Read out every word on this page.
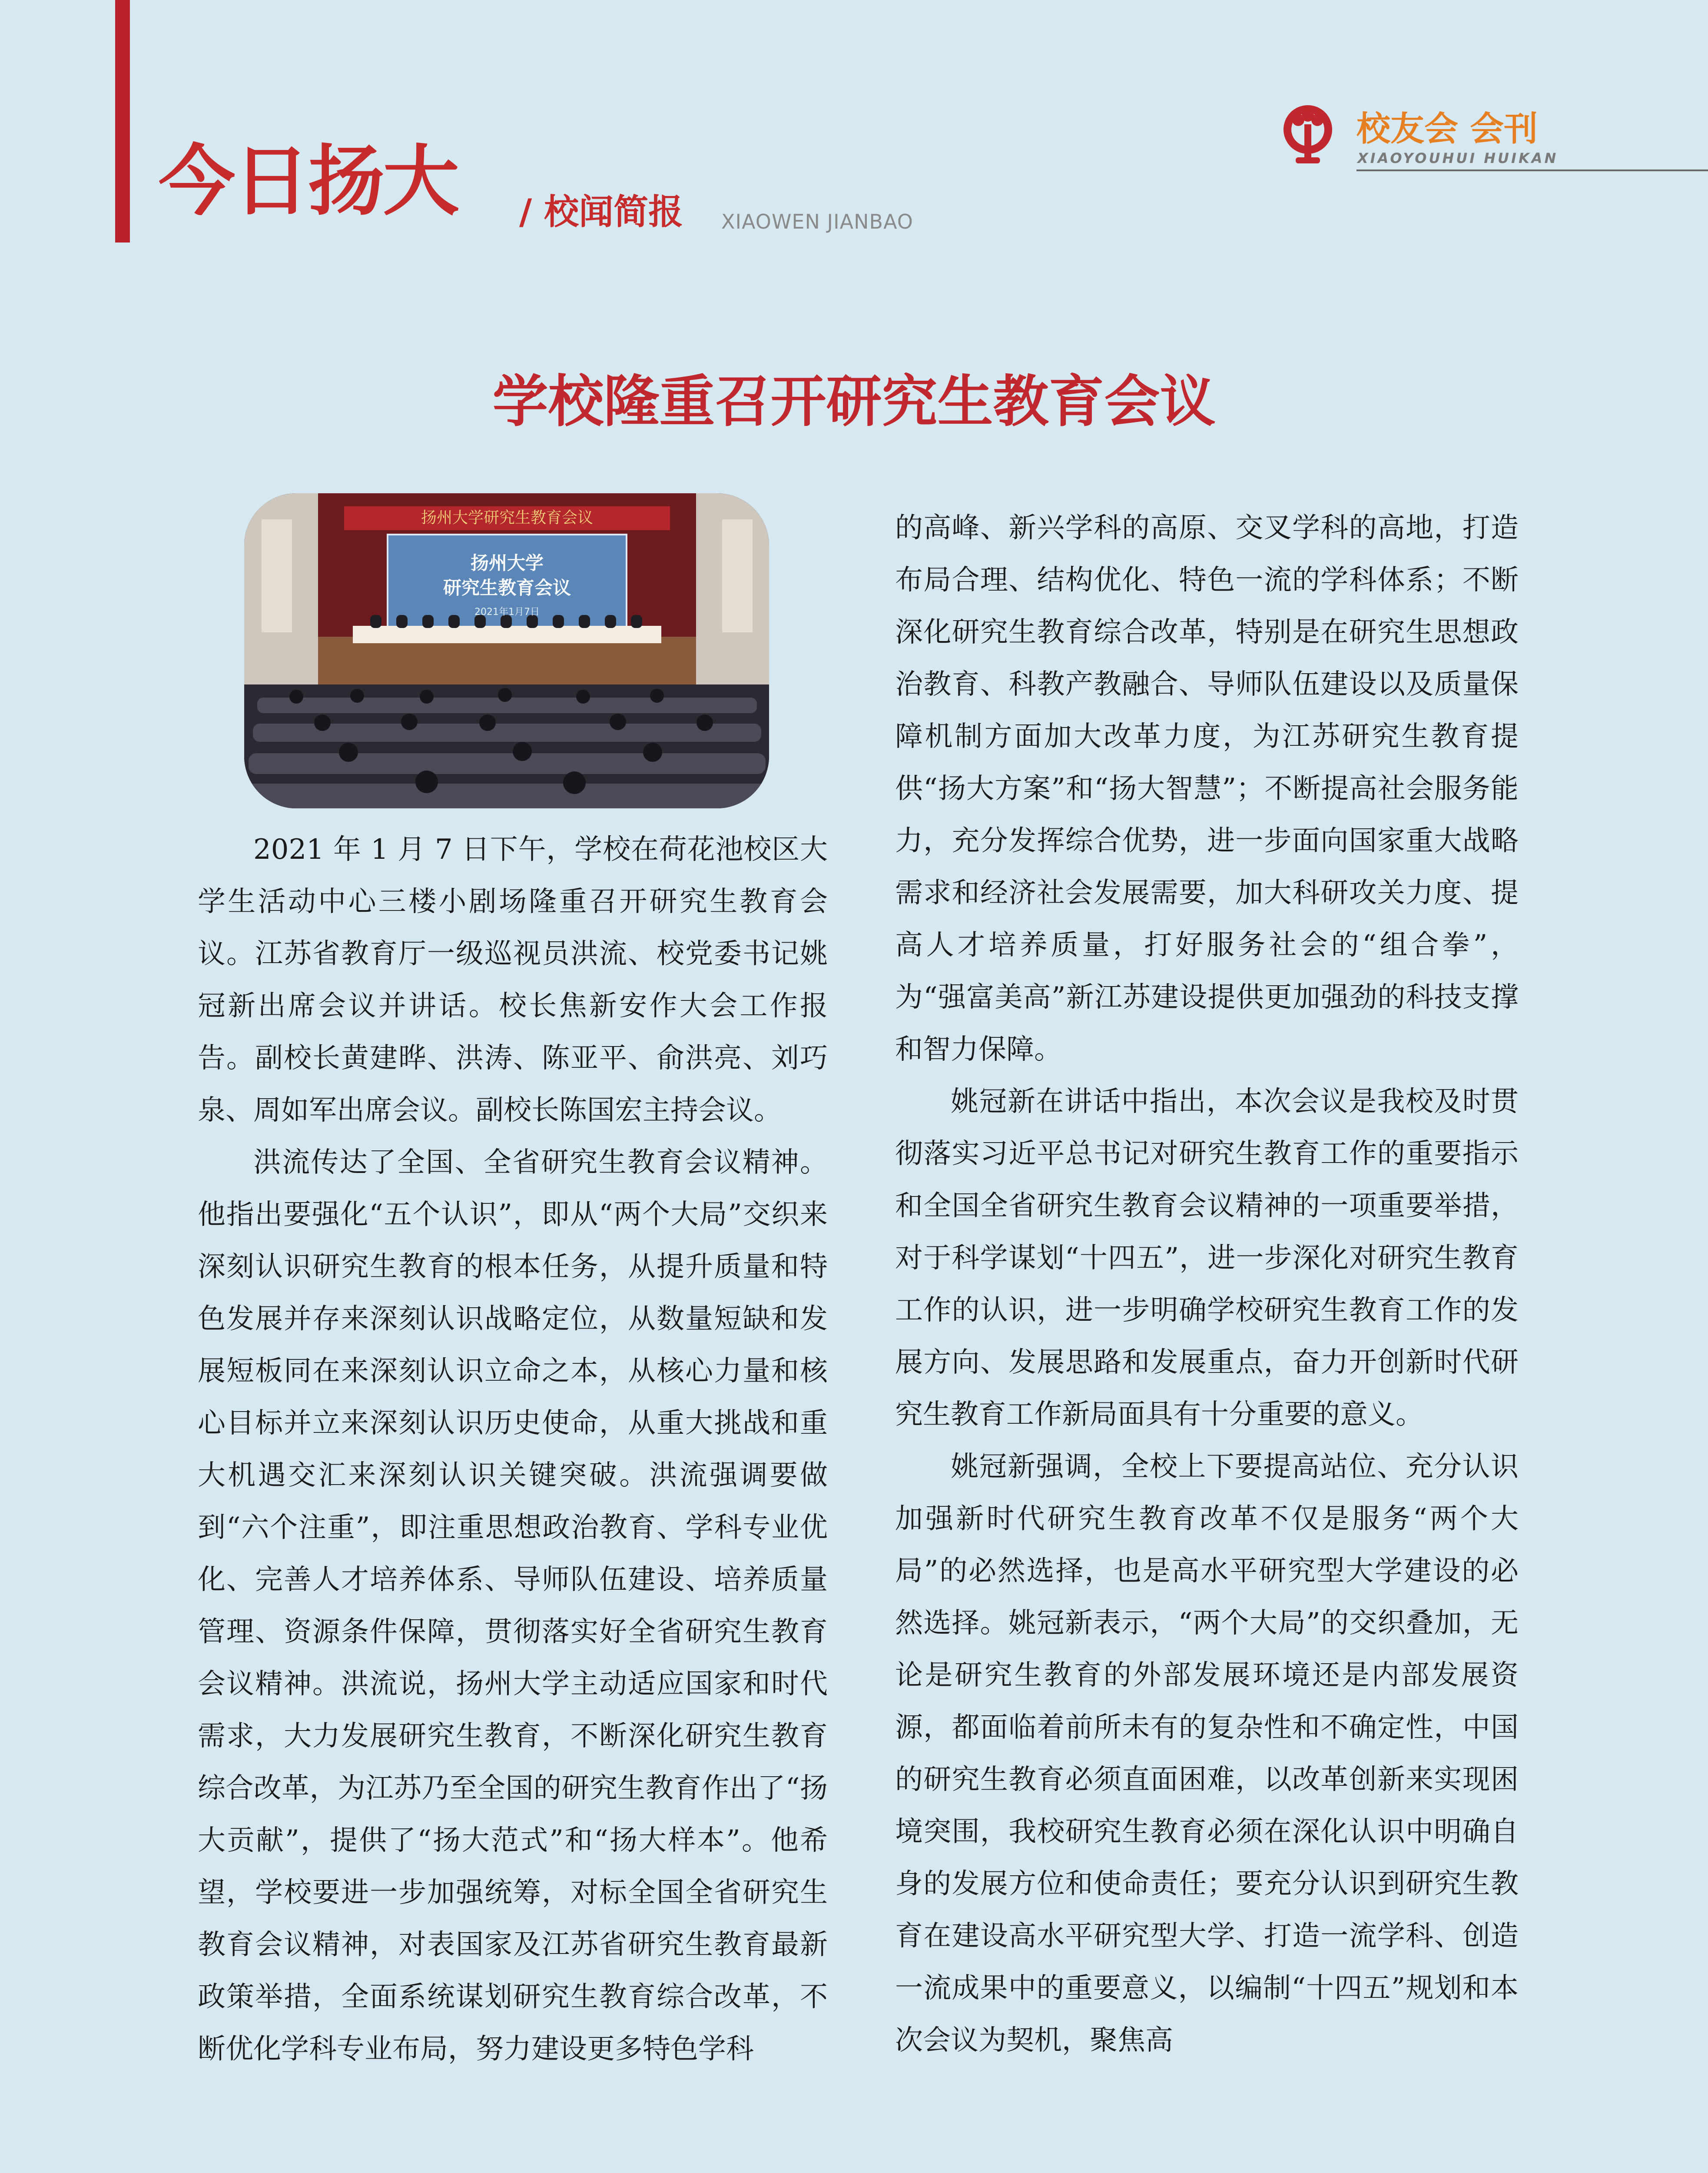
今日扬大 / 校闻简报 XIAOWEN JIANBAO
校友会 会刊
XIAOYOUHUI HUIKAN
学校隆重召开研究生教育会议
扬州大学研究生教育会议
扬州大学
研究生教育会议
2021年1月7日

2021 年 1 月 7 日下午，学校在荷花池校区大学生活动中心三楼小剧场隆重召开研究生教育会议。江苏省教育厅一级巡视员洪流、校党委书记姚冠新出席会议并讲话。校长焦新安作大会工作报告。副校长黄建晔、洪涛、陈亚平、俞洪亮、刘巧泉、周如军出席会议。副校长陈国宏主持会议。

洪流传达了全国、全省研究生教育会议精神。他指出要强化“五个认识”，即从“两个大局”交织来深刻认识研究生教育的根本任务，从提升质量和特色发展并存来深刻认识战略定位，从数量短缺和发展短板同在来深刻认识立命之本，从核心力量和核心目标并立来深刻认识历史使命，从重大挑战和重大机遇交汇来深刻认识关键突破。洪流强调要做到“六个注重”，即注重思想政治教育、学科专业优化、完善人才培养体系、导师队伍建设、培养质量管理、资源条件保障，贯彻落实好全省研究生教育会议精神。洪流说，扬州大学主动适应国家和时代需求，大力发展研究生教育，不断深化研究生教育综合改革，为江苏乃至全国的研究生教育作出了“扬大贡献”，提供了“扬大范式”和“扬大样本”。他希望，学校要进一步加强统筹，对标全国全省研究生教育会议精神，对表国家及江苏省研究生教育最新政策举措，全面系统谋划研究生教育综合改革，不断优化学科专业布局，努力建设更多特色学科

的高峰、新兴学科的高原、交叉学科的高地，打造布局合理、结构优化、特色一流的学科体系；不断深化研究生教育综合改革，特别是在研究生思想政治教育、科教产教融合、导师队伍建设以及质量保障机制方面加大改革力度，为江苏研究生教育提供“扬大方案”和“扬大智慧”；不断提高社会服务能力，充分发挥综合优势，进一步面向国家重大战略需求和经济社会发展需要，加大科研攻关力度、提高人才培养质量，打好服务社会的“组合拳”，为“强富美高”新江苏建设提供更加强劲的科技支撑和智力保障。

姚冠新在讲话中指出，本次会议是我校及时贯彻落实习近平总书记对研究生教育工作的重要指示和全国全省研究生教育会议精神的一项重要举措，对于科学谋划“十四五”，进一步深化对研究生教育工作的认识，进一步明确学校研究生教育工作的发展方向、发展思路和发展重点，奋力开创新时代研究生教育工作新局面具有十分重要的意义。

姚冠新强调，全校上下要提高站位、充分认识加强新时代研究生教育改革不仅是服务“两个大局”的必然选择，也是高水平研究型大学建设的必然选择。姚冠新表示，“两个大局”的交织叠加，无论是研究生教育的外部发展环境还是内部发展资源，都面临着前所未有的复杂性和不确定性，中国的研究生教育必须直面困难，以改革创新来实现困境突围，我校研究生教育必须在深化认识中明确自身的发展方位和使命责任；要充分认识到研究生教育在建设高水平研究型大学、打造一流学科、创造一流成果中的重要意义，以编制“十四五”规划和本次会议为契机，聚焦高
